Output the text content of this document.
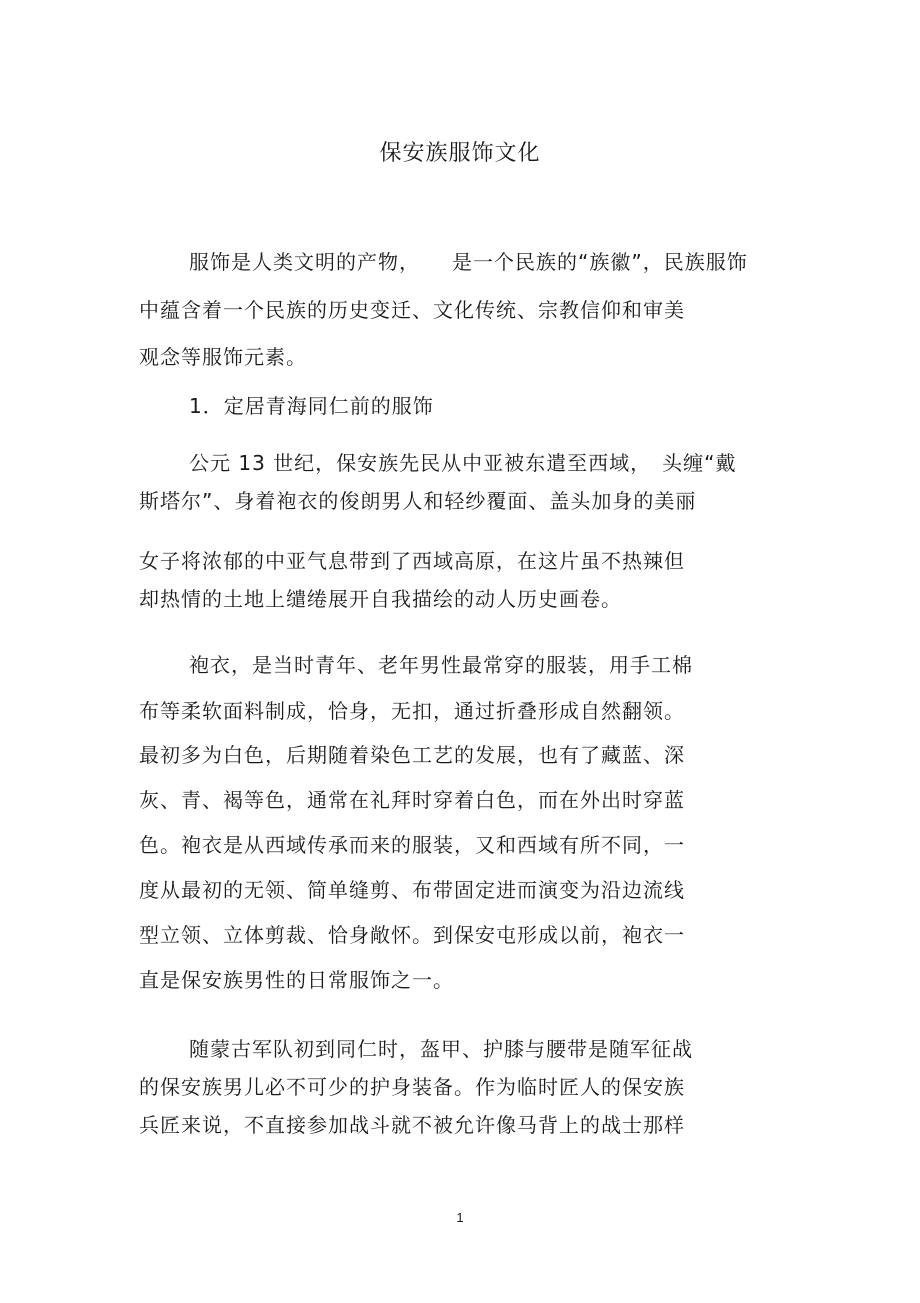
保安族服饰文化
服饰是人类文明的产物，　　是一个民族的“族徽”，民族服饰
中蕴含着一个民族的历史变迁、文化传统、宗教信仰和审美
观念等服饰元素。
1．定居青海同仁前的服饰
公元 13 世纪，保安族先民从中亚被东遣至西域，　头缠“戴
斯塔尔”、身着袍衣的俊朗男人和轻纱覆面、盖头加身的美丽
女子将浓郁的中亚气息带到了西域高原，在这片虽不热辣但
却热情的土地上缱绻展开自我描绘的动人历史画卷。
袍衣，是当时青年、老年男性最常穿的服装，用手工棉
布等柔软面料制成，恰身，无扣，通过折叠形成自然翻领。
最初多为白色，后期随着染色工艺的发展，也有了藏蓝、深
灰、青、褐等色，通常在礼拜时穿着白色，而在外出时穿蓝
色。袍衣是从西域传承而来的服装，又和西域有所不同，一
度从最初的无领、简单缝剪、布带固定进而演变为沿边流线
型立领、立体剪裁、恰身敞怀。到保安屯形成以前，袍衣一
直是保安族男性的日常服饰之一。
随蒙古军队初到同仁时，盔甲、护膝与腰带是随军征战
的保安族男儿必不可少的护身装备。作为临时匠人的保安族
兵匠来说，不直接参加战斗就不被允许像马背上的战士那样
1
